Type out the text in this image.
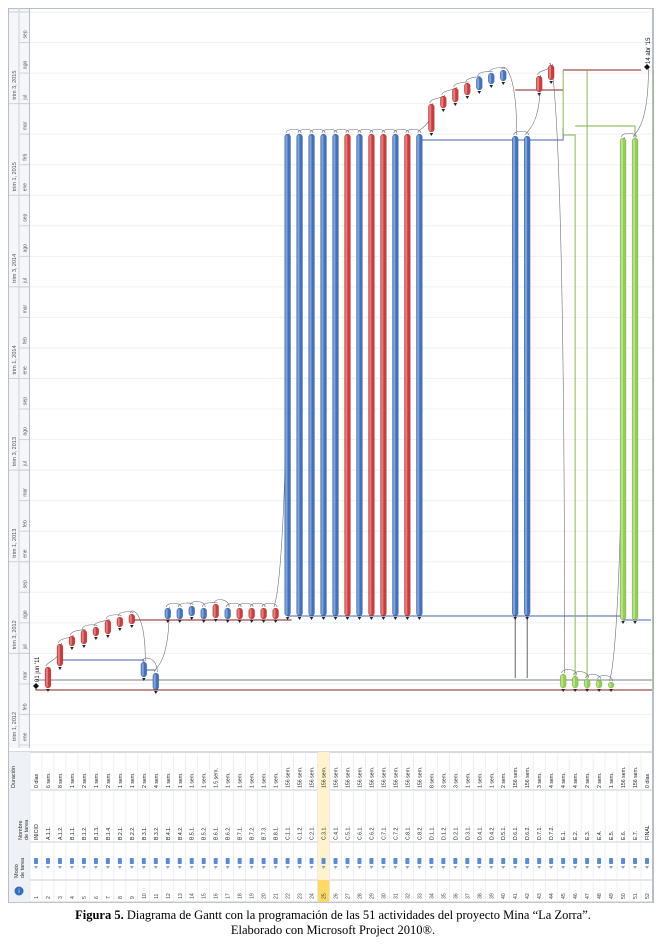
trim 1, 2012 ene
feb
mar
trim 3, 2012 jul
ago
sep
trim 1, 2013 ene
feb
mar
trim 3, 2013 jul
ago
sep
trim 1, 2014 ene
feb
mar
trim 3, 2014 jul
ago
sep
trim 1, 2015 ene
feb
mar
trim 3, 2015 jul
ago
sep
01 jun '11
14 abr '15
Duración
Nombre de tarea
Modo de tarea
i
0 días
INICIO
1
6 sem.
A.1.1.
2
8 sem.
A.1.2.
3
1 sem.
B.1.1.
4
2 sem.
B.1.2.
5
1 sem.
B.1.3.
6
2 sem.
B.1.4.
7
1 sem.
B.2.1.
8
1 sem.
B.2.2.
9
2 sem.
B.3.1.
10
4 sem.
B.3.2.
11
1 sem.
B.4.1.
12
1 sem.
B.4.2.
13
1 sem.
B.5.1.
14
1 sem.
B.5.2.
15
1.5 sem.
B.6.1.
16
1 sem.
B.6.2.
17
1 sem.
B.7.1.
18
1 sem.
B.7.2.
19
1 sem.
B.7.3.
20
1 sem.
B.8.1.
21
156 sem.
C.1.1.
22
156 sem.
C.1.2.
23
156 sem.
C.2.1.
24
156 sem.
C.3.1.
25
156 sem.
C.4.1.
26
156 sem.
C.5.1.
27
156 sem.
C.6.1.
28
156 sem.
C.6.2.
29
156 sem.
C.7.1.
30
156 sem.
C.7.2.
31
156 sem.
C.8.1.
32
156 sem.
C.8.2.
33
8 sem.
D.1.1.
34
3 sem.
D.1.2.
35
3 sem.
D.2.1.
36
1 sem.
D.3.1.
37
1 sem.
D.4.1.
38
1 sem.
D.4.2.
39
2 sem.
D.5.1.
40
156 sem.
D.6.1.
41
156 sem.
D.6.2.
42
3 sem.
D.7.1.
43
4 sem.
D.7.2.
44
4 sem.
E.1.
45
4 sem.
E.2.
46
2 sem.
E.3.
47
2 sem.
E.4.
48
1 sem.
E.5.
49
156 sem.
E.6.
50
156 sem.
E.7.
51
0 días
FINAL
52
Figura 5. Diagrama de Gantt con la programación de las 51 actividades del proyecto Mina “La Zorra”.
Elaborado con Microsoft Project 2010®.
